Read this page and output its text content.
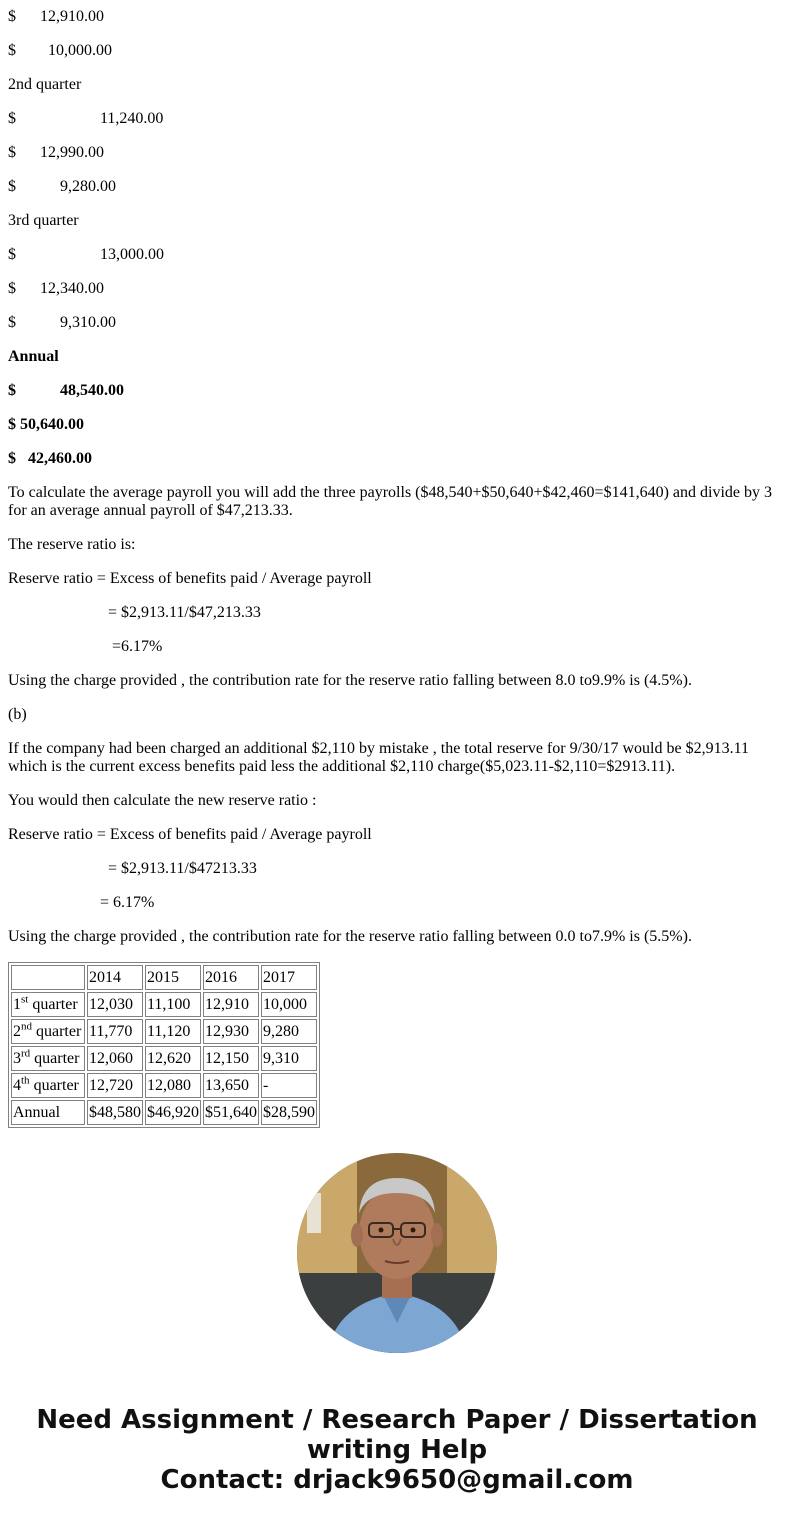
$      12,910.00

$        10,000.00

2nd quarter

$                     11,240.00

$      12,990.00

$           9,280.00

3rd quarter

$                     13,000.00

$      12,340.00

$           9,310.00

Annual

$           48,540.00

$ 50,640.00

$   42,460.00

To calculate the average payroll you will add the three payrolls ($48,540+$50,640+$42,460=$141,640) and divide by 3 for an average annual payroll of $47,213.33.

The reserve ratio is:

Reserve ratio = Excess of benefits paid / Average payroll

= $2,913.11/$47,213.33

=6.17%

Using the charge provided , the contribution rate for the reserve ratio falling between 8.0 to9.9% is (4.5%).

(b)

If the company had been charged an additional $2,110 by mistake , the total reserve for 9/30/17 would be $2,913.11 which is the current excess benefits paid less the additional $2,110 charge($5,023.11-$2,110=$2913.11).

You would then calculate the new reserve ratio :

Reserve ratio = Excess of benefits paid / Average payroll

= $2,913.11/$47213.33

= 6.17%

Using the charge provided , the contribution rate for the reserve ratio falling between 0.0 to7.9% is (5.5%).

	2014	2015	2016	2017
1st quarter	12,030	11,100	12,910	10,000
2nd quarter	11,770	11,120	12,930	9,280
3rd quarter	12,060	12,620	12,150	9,310
4th quarter	12,720	12,080	13,650	-
Annual	$48,580	$46,920	$51,640	$28,590
Need Assignment / Research Paper / Dissertation
writing Help
Contact: drjack9650@gmail.com
